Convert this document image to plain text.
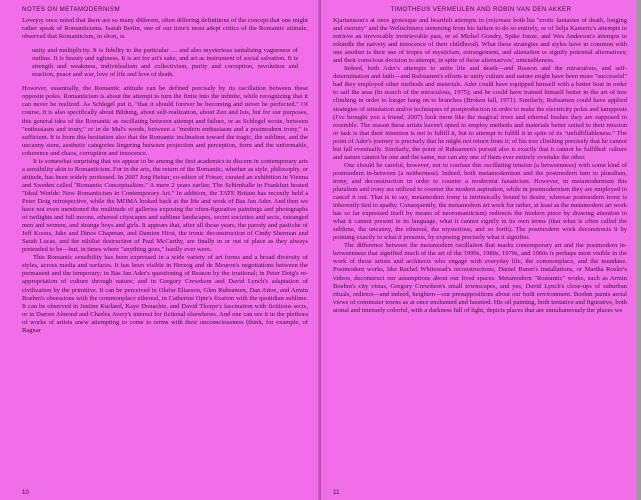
NOTES ON METAMODERNISM

Lovejoy once noted that there are so many different, often differing definitions of the concept that one might rather speak of Romanticisms. Isaiah Berlin, one of our time's most adept critics of the Romantic attitude, observed that Romanticism, in short, is

unity and multiplicity. It is fidelity to the particular … and also mysterious tantalising vagueness of outline. It is beauty and ugliness. It is art for art's sake, and art as instrument of social salvation. It is strength and weakness, individualism and collectivism, purity and corruption, revolution and reaction, peace and war, love of life and love of death.

However, essentially, the Romantic attitude can be defined precisely by its oscillation between these opposite poles. Romanticism is about the attempt to turn the finite into the infinite, while recognizing that it can never be realized. As Schlegel put it, "that it should forever be becoming and never be perfected." Of course, it is also specifically about Bildung, about self-realization, about Zen and Isis, but for our purposes, this general idea of the Romantic as oscillating between attempt and failure, or as Schlegel wrote, between "enthusiasm and irony," or in de Mul's words, between a "modern enthusiasm and a postmodern irony," is sufficient. It is from this hesitation also that the Romantic inclination toward the tragic, the sublime, and the uncanny stem, aesthetic categories lingering between projection and perception, form and the unformable, coherence and chaos, corruption and innocence.

It is somewhat surprising that we appear to be among the first academics to discern in contemporary arts a sensibility akin to Romanticism. For in the arts, the return of the Romantic, whether as style, philosophy, or attitude, has been widely professed. In 2007 Jorg Heiser, co-editor of Frieze, curated an exhibition in Vienna and Sweden called "Romantic Conceptualism." A mere 2 years earlier, The Schirnhalle in Frankfurt hosted "Ideal Worlds: New Romanticism in Contemporary Art." In addition, the TATE Britain has recently held a Peter Doig retrospective, while the MOMA looked back at the life and work of Bas Jan Ader. And then we have not even mentioned the multitude of galleries exposing the often-figurative paintings and photographs of twilights and full moons, ethereal cityscapes and sublime landscapes, secret societies and sects, estranged men and women, and strange boys and girls. It appears that, after all those years, the parody and pastiche of Jeff Koons, Jake and Dinos Chapman, and Damien Hirst, the ironic deconstruction of Cindy Sherman and Sarah Lucas, and the nihilist destruction of Paul McCarthy, are finally in or out of place as they always pretended to be—but, in times where "anything goes," hardly ever were.

This Romantic sensibility has been expressed in a wide variety of art forms and a broad diversity of styles, across media and surfaces. It has been visible in Herzog and de Meuron's negotiations between the permanent and the temporary; in Bas Jan Ader's questioning of Reason by the irrational; in Peter Doig's re-appropriation of culture through nature; and in Gregory Crewdson and David Lynch's adaptation of civilization by the primitive. It can be perceived in Olafur Eliasson, Glen Rubsamen, Dan Attoe, and Armin Boehm's obsessions with the commonplace ethereal, in Catherine Opie's fixation with the quotidian sublime. It can be observed in Justine Kurland, Kaye Donachie, and David Thorpe's fascination with fictitious sects, or in Darren Almond and Charles Avery's interest for fictional elsewheres. And one can see it in the plethora of works of artists anew attempting to come to terms with their unconsciousness (think, for example, of Ragnar

10
TIMOTHEUS VERMEULEN AND ROBIN VAN DEN AKKER

Kjartansson's at once grotesque and heartfelt attempts to (re)create both his "erotic fantasies of death, longing and eternity" and the Weltschmerz stemming from his failure to do so entirely, or of Selja Kameric's attempts to retrieve an irrevocably irretrievable past, or of Michel Gondry, Spike Jonze, and Wes Anderson's attempts to rekindle the naivety and innocence of their childhood). What these strategies and styles have in common with one another is their use of tropes of mysticism, estrangement, and alienation to signify potential alternatives; and their conscious decision to attempt, in spite of those alternatives', untenableness.

Indeed, both Ader's attempts to unite life and death—and Reason and the miraculous, and self-determination and faith—and Rubsamen's efforts to unify culture and nature might have been more "successful" had they employed other methods and materials. Ader could have equipped himself with a better boat in order to sail the seas (In search of the miraculous, 1975); and he could have trained himself better in the art of tree climbing in order to longer hang on to branches (Broken fall, 1971). Similarly, Rubsamen could have applied strategies of simulation and/or techniques of postproduction in order to make the electricity poles and lampposts (I've brought you a friend, 2007) look more like the magical trees and ethereal bushes they are supposed to resemble. The reason these artists haven't opted to employ methods and materials better suited to their mission or task is that their intention is not to fulfill it, but to attempt to fulfill it in spite of its "unfulfillableness." The point of Ader's journey is precisely that he might not return from it; of his tree climbing precisely that he cannot but fall eventually. Similarly, the point of Rubsamen's pursuit also is exactly that it cannot be fulfilled: culture and nature cannot be one and the same, nor can any one of them ever entirely overtake the other.

One should be careful, however, not to confuse this oscillating tension (a betweenness) with some kind of postmodern in-between (a neitherness). Indeed, both metamodernism and the postmodern turn to pluralism, irony, and deconstruction in order to counter a modernist fanaticism. However, in metamodernism this pluralism and irony are utilized to counter the modern aspiration, while in postmodernism they are employed to cancel it out. That is to say, metamodern irony is intrinsically bound to desire, whereas postmodern irony is inherently tied to apathy. Consequently, the metamodern art work for rather, at least as the metamodern art work has so far expressed itself by means of neoromanticism) redirects the modern piece by drawing attention to what it cannot present in its language, what it cannot signify in its own terms (that what is often called the sublime, the uncanny, the ethereal, the mysterious, and so forth). The postmodern work deconstructs it by pointing exactly to what it presents, by exposing precisely what it signifies.

The difference between the metamodern oscillation that marks contemporary art and the postmodern in-betweenness that signified much of the art of the 1990s, 1980s, 1970s, and 1960s is perhaps most visible in the work of those artists and architects who engage with everyday life, the commonplace, and the mundane. Postmodern works, like Rachel Whiteread's reconstructions, Daniel Buren's installations, or Martha Rosler's videos, deconstruct our assumptions about our lived spaces. Metamodern "Romantic" works, such as Armin Boehm's city vistas, Gregory Crewdson's small townscapes, and yes, David Lynch's close-ups of suburban rituals, redirect—and indeed, heighten—our presuppositions about our built environment. Boehm paints aerial views of commuter towns as at once enchanted and haunted. His oil painting, both tentative and figurative, both atonal and intensely colorful, with a darkness full of light, depicts places that are simultaneously the places we

11
